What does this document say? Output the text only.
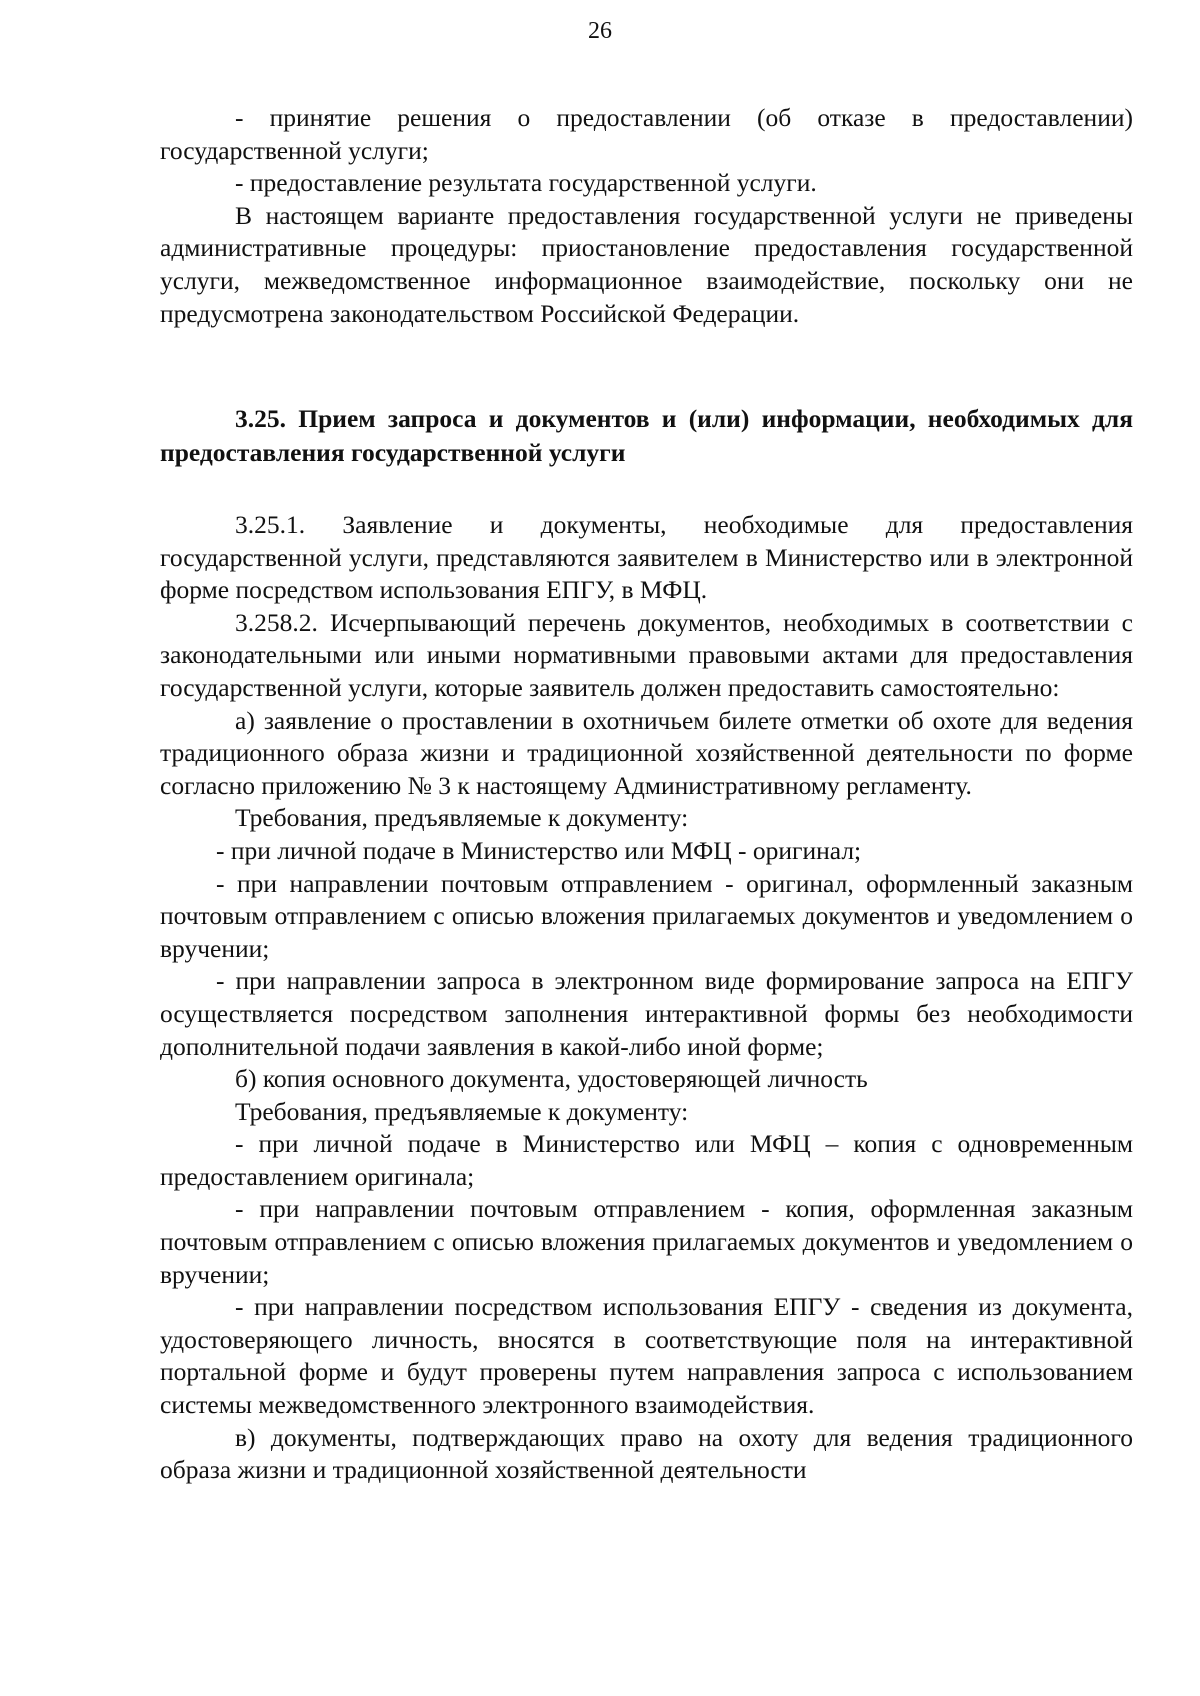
26

- принятие решения о предоставлении (об отказе в предоставлении) государственной услуги;

- предоставление результата государственной услуги.

В настоящем варианте предоставления государственной услуги не приведены административные процедуры: приостановление предоставления государственной услуги, межведомственное информационное взаимодействие, поскольку они не предусмотрена законодательством Российской Федерации.

3.25. Прием запроса и документов и (или) информации, необходимых для предоставления государственной услуги

3.25.1. Заявление и документы, необходимые для предоставления государственной услуги, представляются заявителем в Министерство или в электронной форме посредством использования ЕПГУ, в МФЦ.

3.258.2. Исчерпывающий перечень документов, необходимых в соответствии с законодательными или иными нормативными правовыми актами для предоставления государственной услуги, которые заявитель должен предоставить самостоятельно:

а) заявление о проставлении в охотничьем билете отметки об охоте для ведения традиционного образа жизни и традиционной хозяйственной деятельности по форме согласно приложению № 3 к настоящему Административному регламенту.

Требования, предъявляемые к документу:

- при личной подаче в Министерство или МФЦ - оригинал;

- при направлении почтовым отправлением - оригинал, оформленный заказным почтовым отправлением с описью вложения прилагаемых документов и уведомлением о вручении;

- при направлении запроса в электронном виде формирование запроса на ЕПГУ осуществляется посредством заполнения интерактивной формы без необходимости дополнительной подачи заявления в какой-либо иной форме;

б) копия основного документа, удостоверяющей личность

Требования, предъявляемые к документу:

- при личной подаче в Министерство или МФЦ – копия с одновременным предоставлением оригинала;

- при направлении почтовым отправлением - копия, оформленная заказным почтовым отправлением с описью вложения прилагаемых документов и уведомлением о вручении;

- при направлении посредством использования ЕПГУ - сведения из документа, удостоверяющего личность, вносятся в соответствующие поля на интерактивной портальной форме и будут проверены путем направления запроса с использованием системы межведомственного электронного взаимодействия.

в) документы, подтверждающих право на охоту для ведения традиционного образа жизни и традиционной хозяйственной деятельности
